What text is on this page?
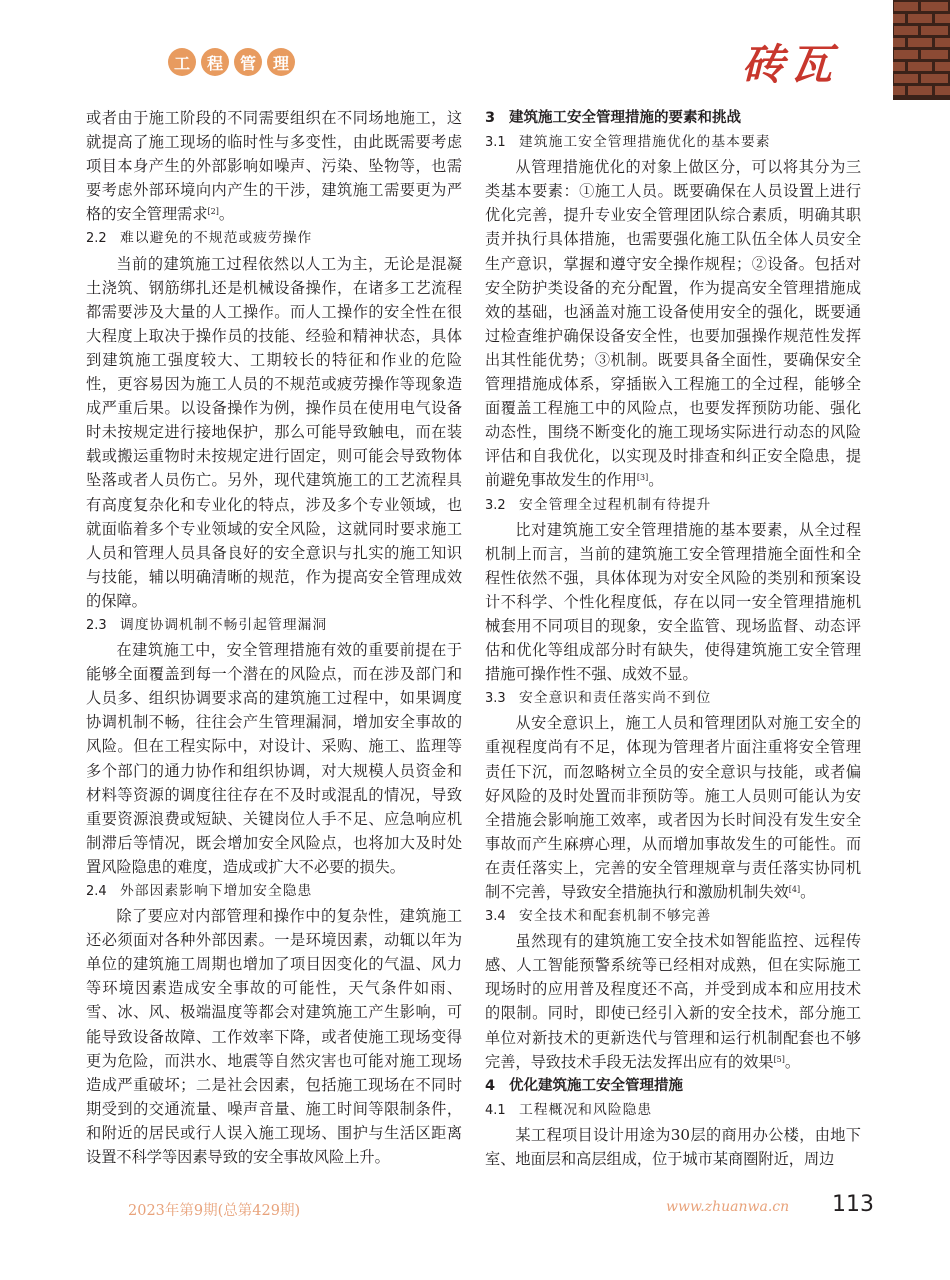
工	程	管	理	砖瓦

或者由于施工阶段的不同需要组织在不同场地施工，这就提高了施工现场的临时性与多变性，由此既需要考虑项目本身产生的外部影响如噪声、污染、坠物等，也需要考虑外部环境向内产生的干涉，建筑施工需要更为严格的安全管理需求[2]。

2.2 难以避免的不规范或疲劳操作

当前的建筑施工过程依然以人工为主，无论是混凝土浇筑、钢筋绑扎还是机械设备操作，在诸多工艺流程都需要涉及大量的人工操作。而人工操作的安全性在很大程度上取决于操作员的技能、经验和精神状态，具体到建筑施工强度较大、工期较长的特征和作业的危险性，更容易因为施工人员的不规范或疲劳操作等现象造成严重后果。以设备操作为例，操作员在使用电气设备时未按规定进行接地保护，那么可能导致触电，而在装载或搬运重物时未按规定进行固定，则可能会导致物体坠落或者人员伤亡。另外，现代建筑施工的工艺流程具有高度复杂化和专业化的特点，涉及多个专业领域，也就面临着多个专业领域的安全风险，这就同时要求施工人员和管理人员具备良好的安全意识与扎实的施工知识与技能，辅以明确清晰的规范，作为提高安全管理成效的保障。

2.3 调度协调机制不畅引起管理漏洞

在建筑施工中，安全管理措施有效的重要前提在于能够全面覆盖到每一个潜在的风险点，而在涉及部门和人员多、组织协调要求高的建筑施工过程中，如果调度协调机制不畅，往往会产生管理漏洞，增加安全事故的风险。但在工程实际中，对设计、采购、施工、监理等多个部门的通力协作和组织协调，对大规模人员资金和材料等资源的调度往往存在不及时或混乱的情况，导致重要资源浪费或短缺、关键岗位人手不足、应急响应机制滞后等情况，既会增加安全风险点，也将加大及时处置风险隐患的难度，造成或扩大不必要的损失。

2.4 外部因素影响下增加安全隐患

除了要应对内部管理和操作中的复杂性，建筑施工还必须面对各种外部因素。一是环境因素，动辄以年为单位的建筑施工周期也增加了项目因变化的气温、风力等环境因素造成安全事故的可能性，天气条件如雨、雪、冰、风、极端温度等都会对建筑施工产生影响，可能导致设备故障、工作效率下降，或者使施工现场变得更为危险，而洪水、地震等自然灾害也可能对施工现场造成严重破坏；二是社会因素，包括施工现场在不同时期受到的交通流量、噪声音量、施工时间等限制条件，和附近的居民或行人误入施工现场、围护与生活区距离设置不科学等因素导致的安全事故风险上升。

3 建筑施工安全管理措施的要素和挑战

3.1 建筑施工安全管理措施优化的基本要素

从管理措施优化的对象上做区分，可以将其分为三类基本要素：①施工人员。既要确保在人员设置上进行优化完善，提升专业安全管理团队综合素质，明确其职责并执行具体措施，也需要强化施工队伍全体人员安全生产意识，掌握和遵守安全操作规程；②设备。包括对安全防护类设备的充分配置，作为提高安全管理措施成效的基础，也涵盖对施工设备使用安全的强化，既要通过检查维护确保设备安全性，也要加强操作规范性发挥出其性能优势；③机制。既要具备全面性，要确保安全管理措施成体系，穿插嵌入工程施工的全过程，能够全面覆盖工程施工中的风险点，也要发挥预防功能、强化动态性，围绕不断变化的施工现场实际进行动态的风险评估和自我优化，以实现及时排查和纠正安全隐患，提前避免事故发生的作用[3]。

3.2 安全管理全过程机制有待提升

比对建筑施工安全管理措施的基本要素，从全过程机制上而言，当前的建筑施工安全管理措施全面性和全程性依然不强，具体体现为对安全风险的类别和预案设计不科学、个性化程度低，存在以同一安全管理措施机械套用不同项目的现象，安全监管、现场监督、动态评估和优化等组成部分时有缺失，使得建筑施工安全管理措施可操作性不强、成效不显。

3.3 安全意识和责任落实尚不到位

从安全意识上，施工人员和管理团队对施工安全的重视程度尚有不足，体现为管理者片面注重将安全管理责任下沉，而忽略树立全员的安全意识与技能，或者偏好风险的及时处置而非预防等。施工人员则可能认为安全措施会影响施工效率，或者因为长时间没有发生安全事故而产生麻痹心理，从而增加事故发生的可能性。而在责任落实上，完善的安全管理规章与责任落实协同机制不完善，导致安全措施执行和激励机制失效[4]。

3.4 安全技术和配套机制不够完善

虽然现有的建筑施工安全技术如智能监控、远程传感、人工智能预警系统等已经相对成熟，但在实际施工现场时的应用普及程度还不高，并受到成本和应用技术的限制。同时，即使已经引入新的安全技术，部分施工单位对新技术的更新迭代与管理和运行机制配套也不够完善，导致技术手段无法发挥出应有的效果[5]。

4 优化建筑施工安全管理措施

4.1 工程概况和风险隐患

某工程项目设计用途为30层的商用办公楼，由地下室、地面层和高层组成，位于城市某商圈附近，周边

2023年第9期(总第429期)	www.zhuanwa.cn 113
